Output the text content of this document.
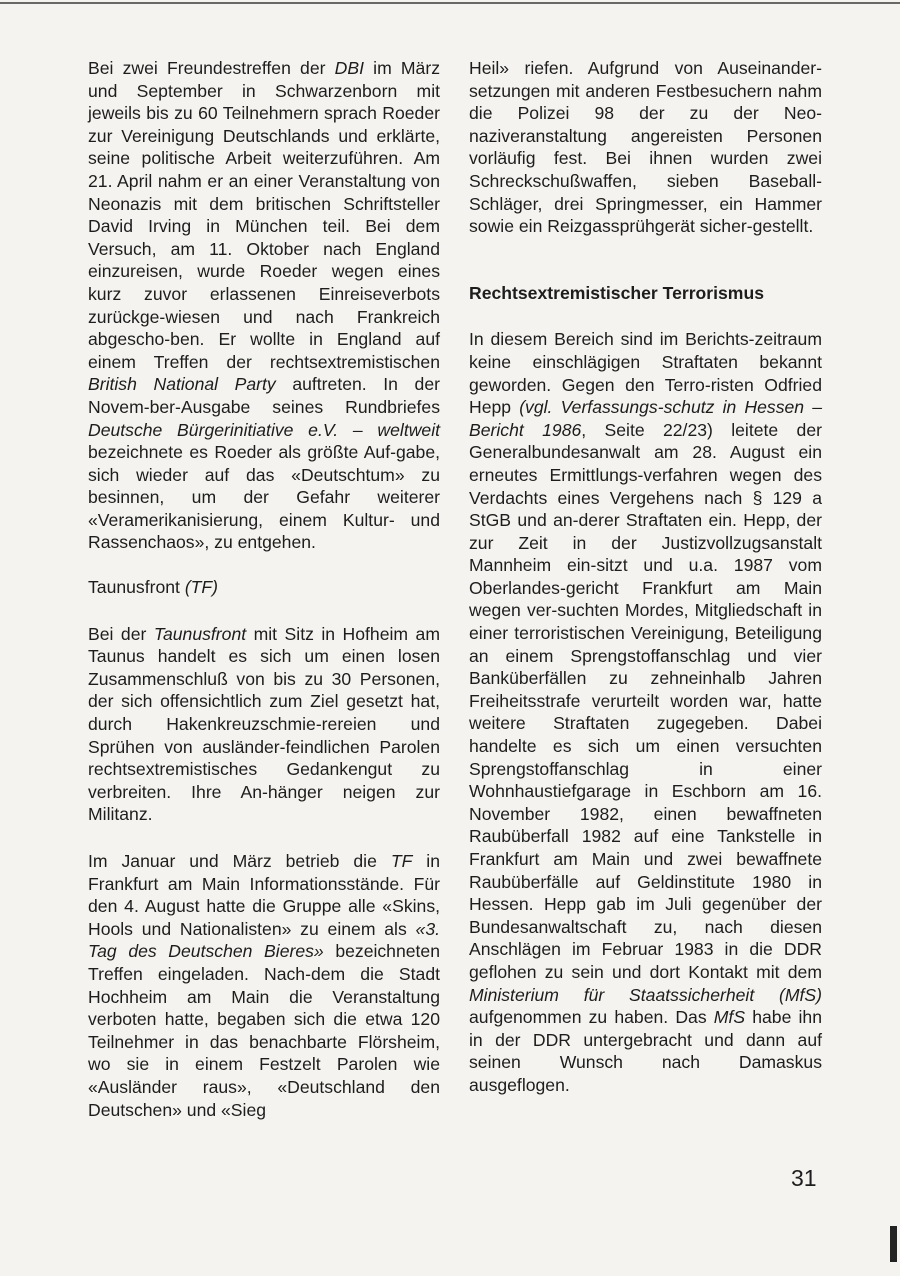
Bei zwei Freundestreffen der DBI im März und September in Schwarzenborn mit jeweils bis zu 60 Teilnehmern sprach Roeder zur Vereinigung Deutschlands und erklärte, seine politische Arbeit weiterzuführen. Am 21. April nahm er an einer Veranstaltung von Neonazis mit dem britischen Schriftsteller David Irving in München teil. Bei dem Versuch, am 11. Oktober nach England einzureisen, wurde Roeder wegen eines kurz zuvor erlassenen Einreiseverbots zurückge-wiesen und nach Frankreich abgescho-ben. Er wollte in England auf einem Treffen der rechtsextremistischen British National Party auftreten. In der Novem-ber-Ausgabe seines Rundbriefes Deutsche Bürgerinitiative e.V. – weltweit bezeichnete es Roeder als größte Auf-gabe, sich wieder auf das «Deutschtum» zu besinnen, um der Gefahr weiterer «Veramerikanisierung, einem Kultur- und Rassenchaos», zu entgehen.

Taunusfront (TF)

Bei der Taunusfront mit Sitz in Hofheim am Taunus handelt es sich um einen losen Zusammenschluß von bis zu 30 Personen, der sich offensichtlich zum Ziel gesetzt hat, durch Hakenkreuzschmie-rereien und Sprühen von ausländer-feindlichen Parolen rechtsextremistisches Gedankengut zu verbreiten. Ihre An-hänger neigen zur Militanz.

Im Januar und März betrieb die TF in Frankfurt am Main Informationsstände. Für den 4. August hatte die Gruppe alle «Skins, Hools und Nationalisten» zu einem als «3. Tag des Deutschen Bieres» bezeichneten Treffen eingeladen. Nach-dem die Stadt Hochheim am Main die Veranstaltung verboten hatte, begaben sich die etwa 120 Teilnehmer in das benachbarte Flörsheim, wo sie in einem Festzelt Parolen wie «Ausländer raus», «Deutschland den Deutschen» und «Sieg

Heil» riefen. Aufgrund von Auseinander-setzungen mit anderen Festbesuchern nahm die Polizei 98 der zu der Neo-naziveranstaltung angereisten Personen vorläufig fest. Bei ihnen wurden zwei Schreckschußwaffen, sieben Baseball-Schläger, drei Springmesser, ein Hammer sowie ein Reizgassprühgerät sicher-gestellt.

Rechtsextremistischer Terrorismus

In diesem Bereich sind im Berichts-zeitraum keine einschlägigen Straftaten bekannt geworden. Gegen den Terro-risten Odfried Hepp (vgl. Verfassungs-schutz in Hessen – Bericht 1986, Seite 22/23) leitete der Generalbundesanwalt am 28. August ein erneutes Ermittlungs-verfahren wegen des Verdachts eines Vergehens nach § 129 a StGB und an-derer Straftaten ein. Hepp, der zur Zeit in der Justizvollzugsanstalt Mannheim ein-sitzt und u.a. 1987 vom Oberlandes-gericht Frankfurt am Main wegen ver-suchten Mordes, Mitgliedschaft in einer terroristischen Vereinigung, Beteiligung an einem Sprengstoffanschlag und vier Banküberfällen zu zehneinhalb Jahren Freiheitsstrafe verurteilt worden war, hatte weitere Straftaten zugegeben. Dabei handelte es sich um einen versuchten Sprengstoffanschlag in einer Wohnhaustiefgarage in Eschborn am 16. November 1982, einen bewaffneten Raubüberfall 1982 auf eine Tankstelle in Frankfurt am Main und zwei bewaffnete Raubüberfälle auf Geldinstitute 1980 in Hessen. Hepp gab im Juli gegenüber der Bundesanwaltschaft zu, nach diesen Anschlägen im Februar 1983 in die DDR geflohen zu sein und dort Kontakt mit dem Ministerium für Staatssicherheit (MfS) aufgenommen zu haben. Das MfS habe ihn in der DDR untergebracht und dann auf seinen Wunsch nach Damaskus ausgeflogen.

31
